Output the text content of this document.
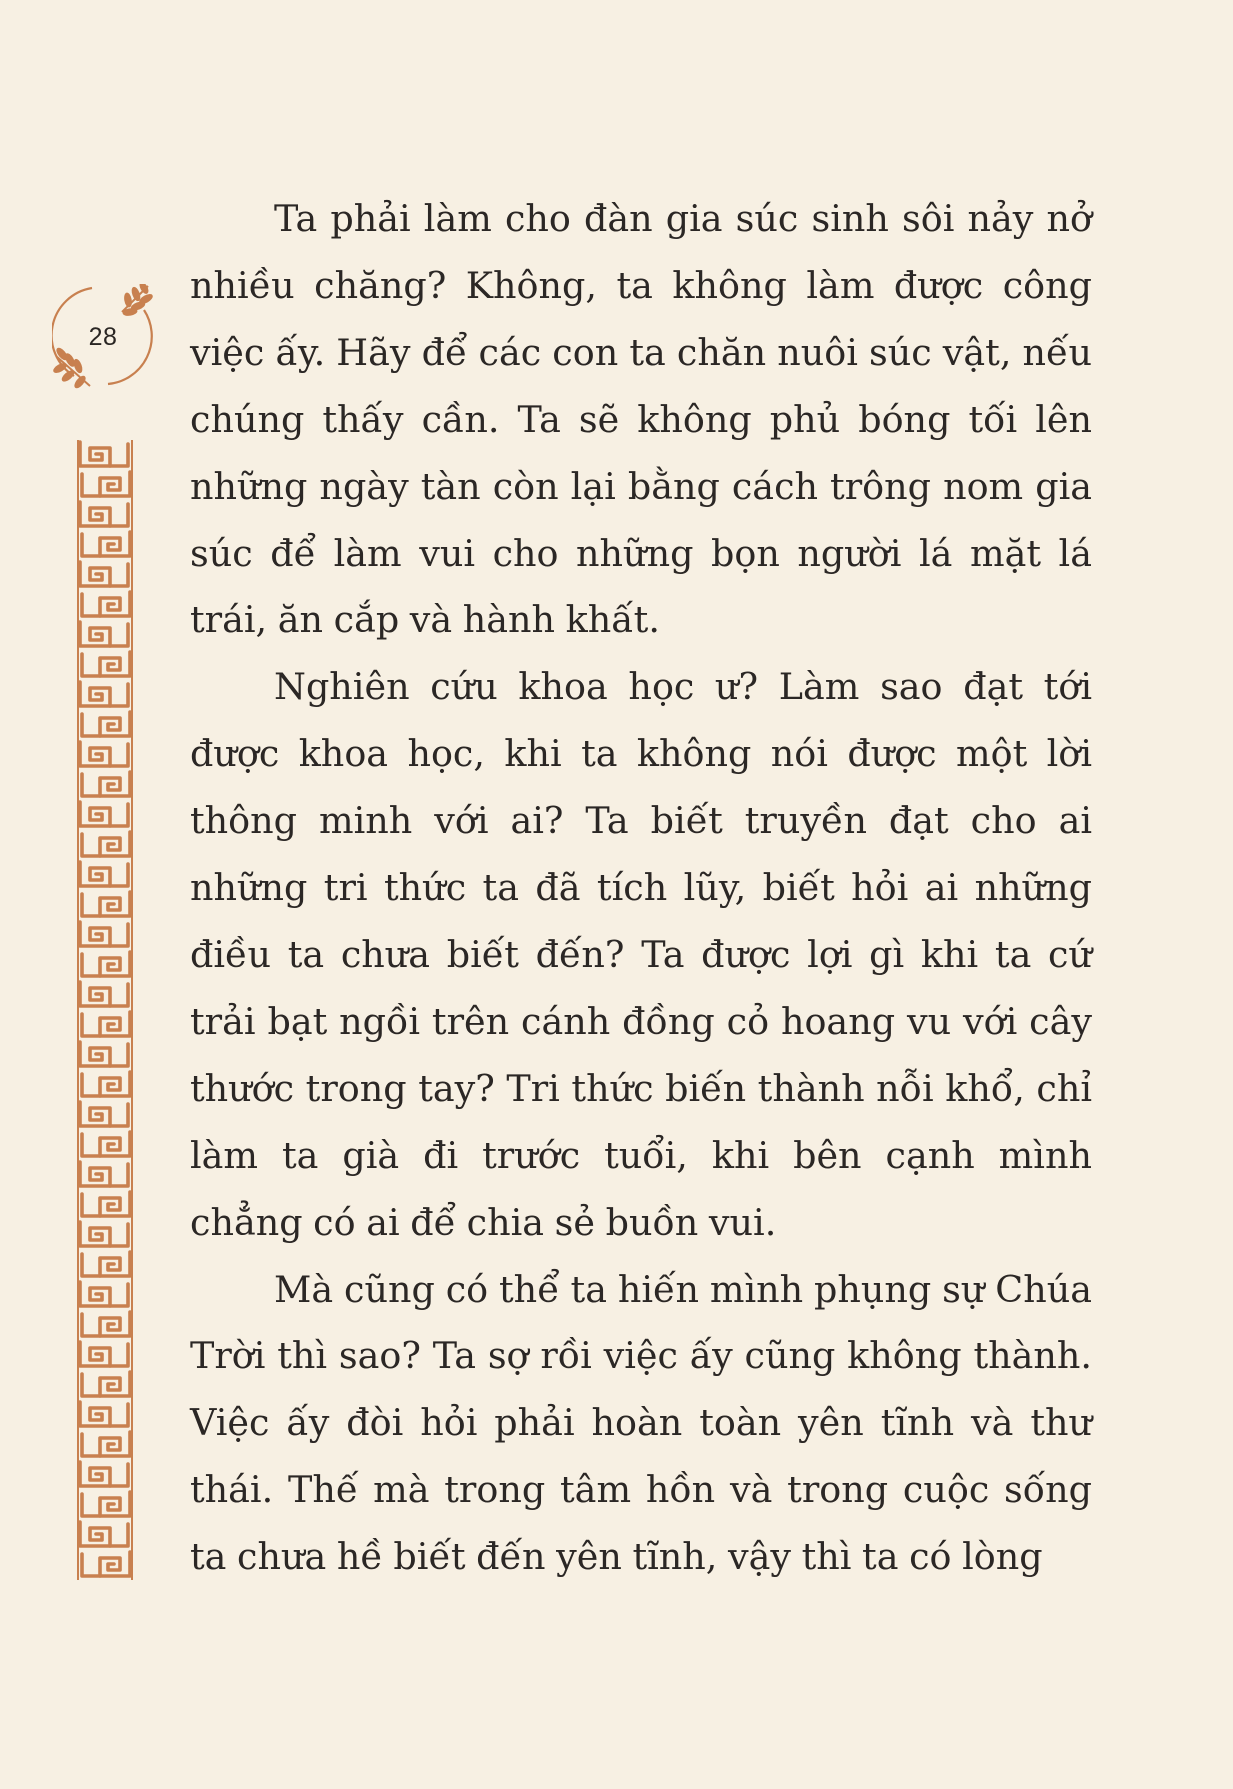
28

Ta phải làm cho đàn gia súc sinh sôi nảy nở nhiều chăng? Không, ta không làm được công việc ấy. Hãy để các con ta chăn nuôi súc vật, nếu chúng thấy cần. Ta sẽ không phủ bóng tối lên những ngày tàn còn lại bằng cách trông nom gia súc để làm vui cho những bọn người lá mặt lá trái, ăn cắp và hành khất.

Nghiên cứu khoa học ư? Làm sao đạt tới được khoa học, khi ta không nói được một lời thông minh với ai? Ta biết truyền đạt cho ai những tri thức ta đã tích lũy, biết hỏi ai những điều ta chưa biết đến? Ta được lợi gì khi ta cứ trải bạt ngồi trên cánh đồng cỏ hoang vu với cây thước trong tay? Tri thức biến thành nỗi khổ, chỉ làm ta già đi trước tuổi, khi bên cạnh mình chẳng có ai để chia sẻ buồn vui.

Mà cũng có thể ta hiến mình phụng sự Chúa Trời thì sao? Ta sợ rồi việc ấy cũng không thành. Việc ấy đòi hỏi phải hoàn toàn yên tĩnh và thư thái. Thế mà trong tâm hồn và trong cuộc sống ta chưa hề biết đến yên tĩnh, vậy thì ta có lòng
